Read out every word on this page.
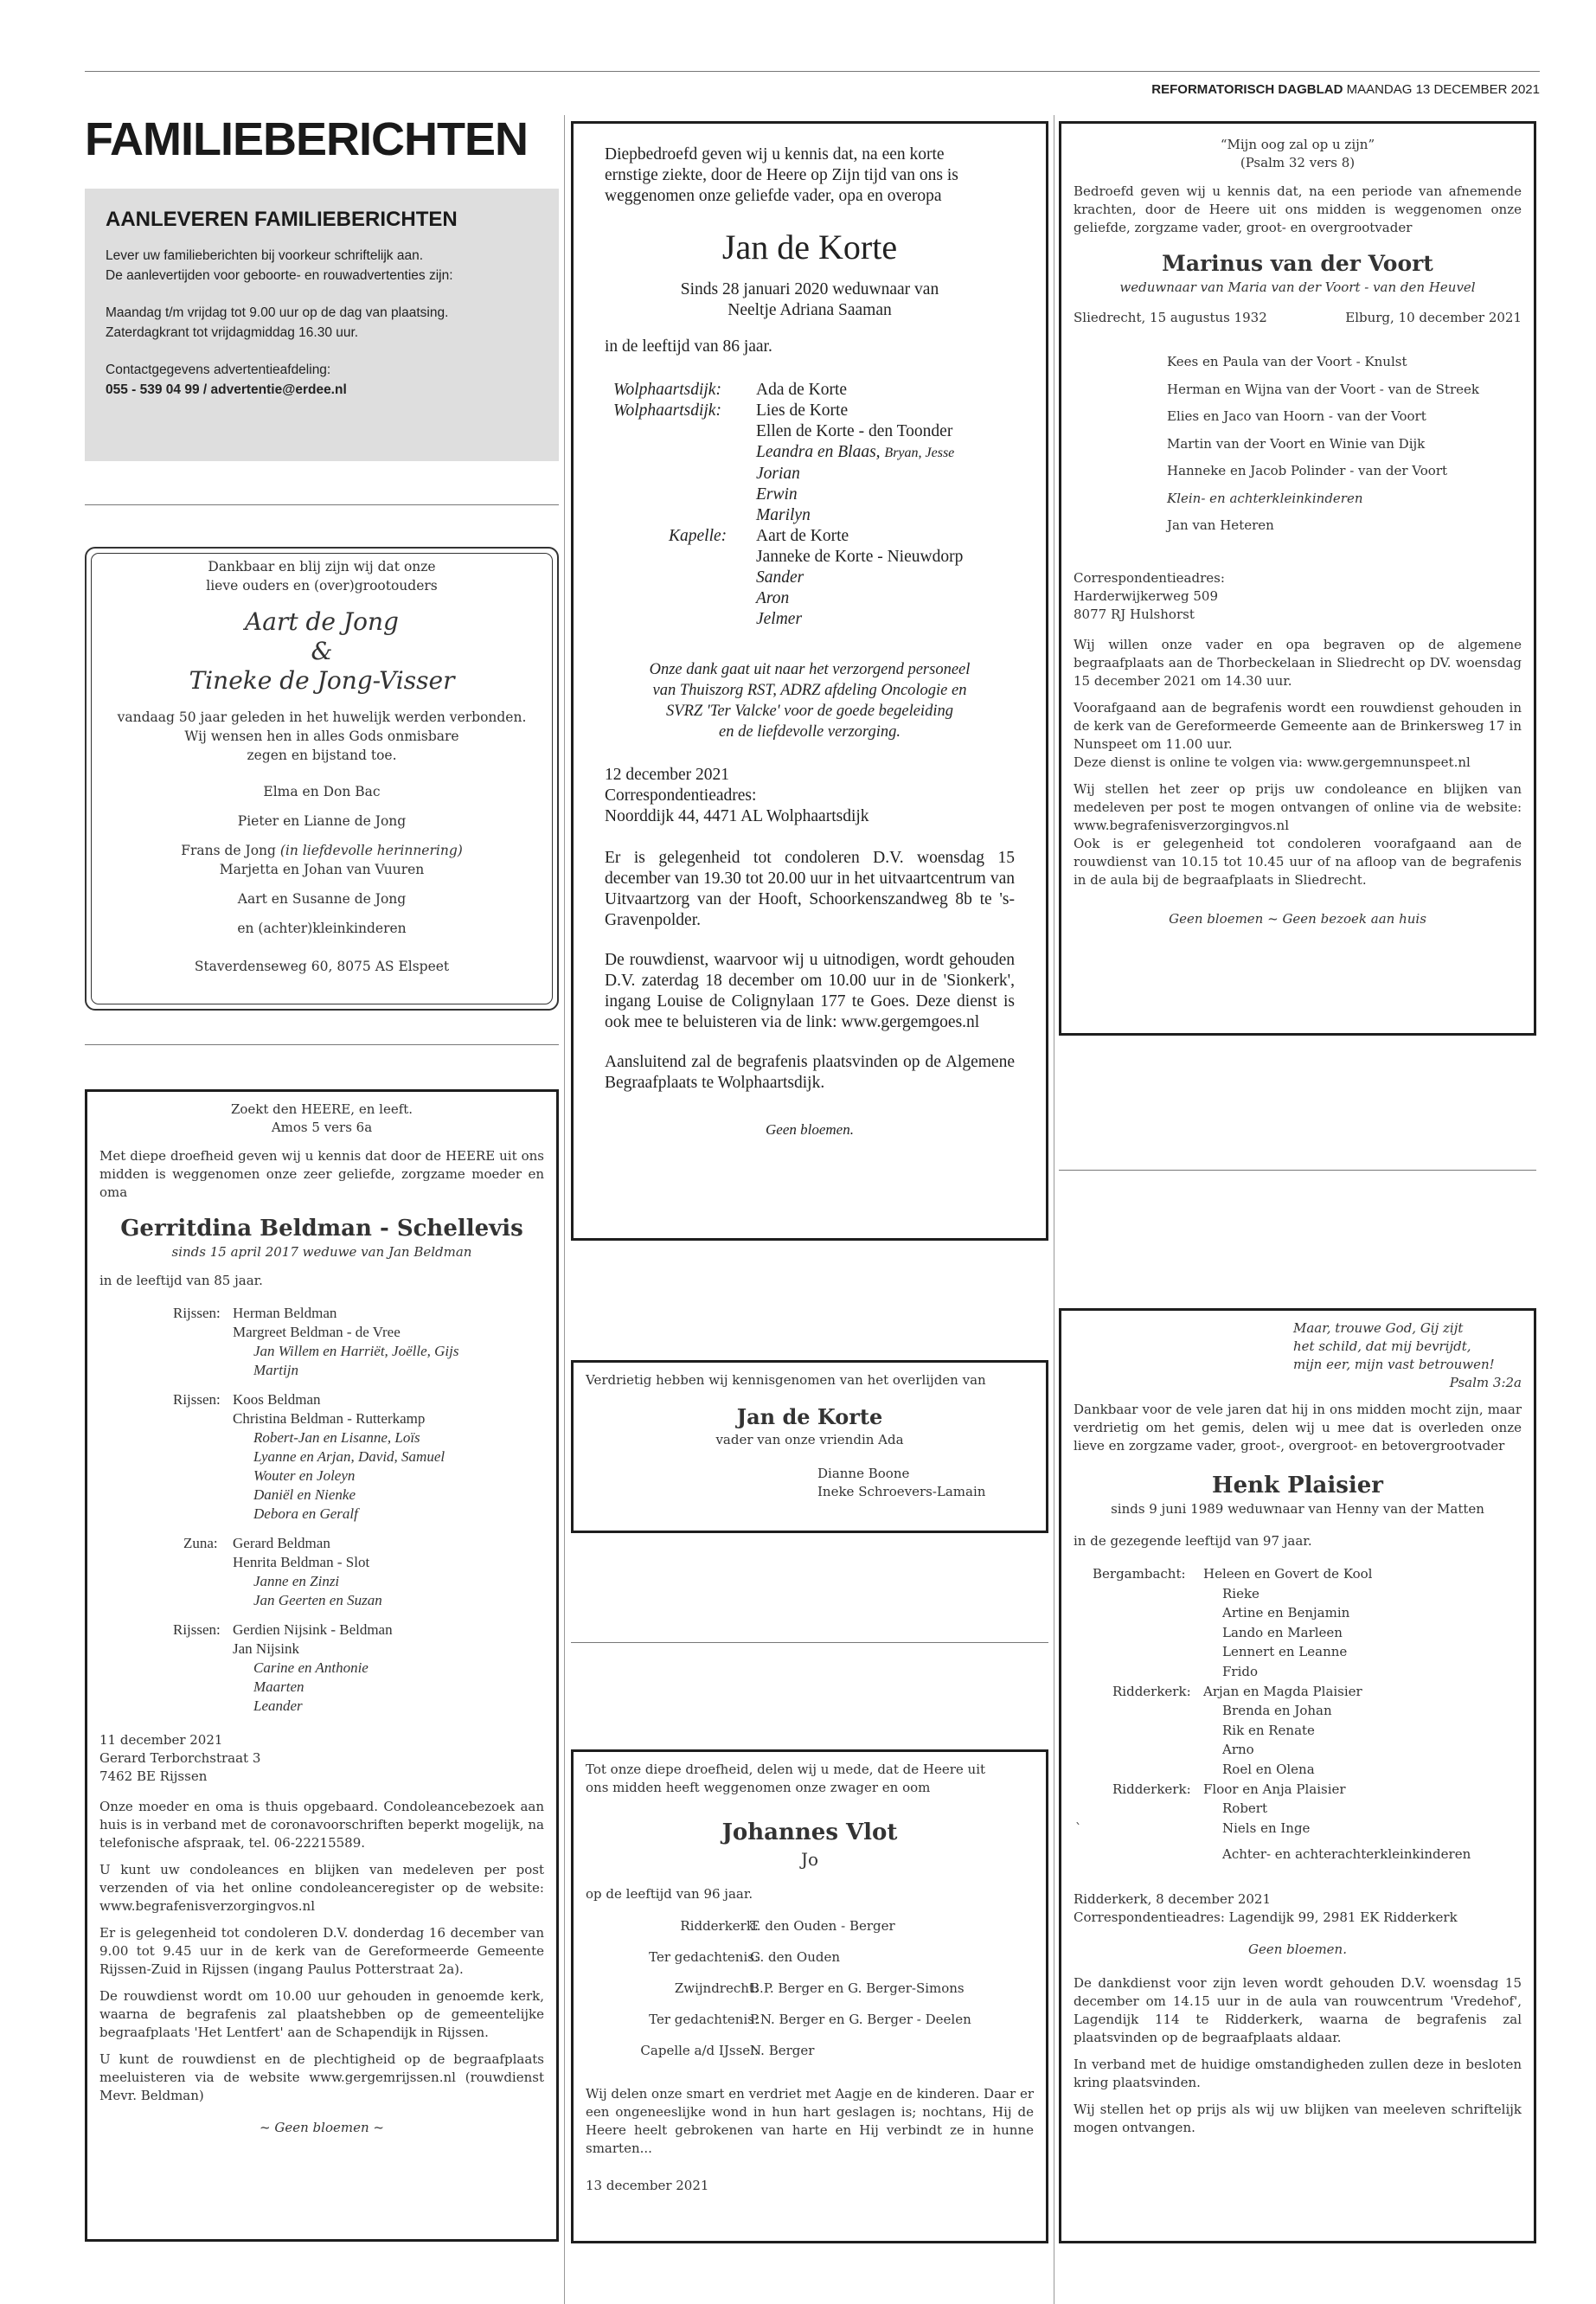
REFORMATORISCH DAGBLAD MAANDAG 13 DECEMBER 2021
FAMILIEBERICHTEN
AANLEVEREN FAMILIEBERICHTEN
Lever uw familieberichten bij voorkeur schriftelijk aan.
De aanlevertijden voor geboorte- en rouwadvertenties zijn:
Maandag t/m vrijdag tot 9.00 uur op de dag van plaatsing.
Zaterdagkrant tot vrijdagmiddag 16.30 uur.
Contactgegevens advertentieafdeling:
055 - 539 04 99 / advertentie@erdee.nl
Dankbaar en blij zijn wij dat onze
lieve ouders en (over)grootouders
Aart de Jong
&
Tineke de Jong-Visser
vandaag 50 jaar geleden in het huwelijk werden verbonden.
Wij wensen hen in alles Gods onmisbare
zegen en bijstand toe.
Elma en Don Bac
Pieter en Lianne de Jong
Frans de Jong (in liefdevolle herinnering)
Marjetta en Johan van Vuuren
Aart en Susanne de Jong
en (achter)kleinkinderen
Staverdenseweg 60, 8075 AS Elspeet
Zoekt den HEERE, en leeft.
Amos 5 vers 6a

Met diepe droefheid geven wij u kennis dat door de HEERE uit ons midden is weggenomen onze zeer geliefde, zorgzame moeder en oma

Gerritdina Beldman - Schellevis
sinds 15 april 2017 weduwe van Jan Beldman
in de leeftijd van 85 jaar.
Rijssen: Herman Beldman
Margreet Beldman - de Vree
Jan Willem en Harriët, Joëlle, Gijs
Martijn
Rijssen: Koos Beldman
Christina Beldman - Rutterkamp
Robert-Jan en Lisanne, Loïs
Lyanne en Arjan, David, Samuel
Wouter en Joleyn
Daniël en Nienke
Debora en Geralf
Zuna: Gerard Beldman
Henrita Beldman - Slot
Janne en Zinzi
Jan Geerten en Suzan
Rijssen: Gerdien Nijsink - Beldman
Jan Nijsink
Carine en Anthonie
Maarten
Leander
11 december 2021
Gerard Terborchstraat 3
7462 BE Rijssen

Onze moeder en oma is thuis opgebaard. Condoleancebezoek aan huis is in verband met de coronavoorschriften beperkt mogelijk, na telefonische afspraak, tel. 06-22215589.

U kunt uw condoleances en blijken van medeleven per post verzenden of via het online condoleanceregister op de website: www.begrafenisverzorgingvos.nl

Er is gelegenheid tot condoleren D.V. donderdag 16 december van 9.00 tot 9.45 uur in de kerk van de Gereformeerde Gemeente Rijssen-Zuid in Rijssen (ingang Paulus Potterstraat 2a).

De rouwdienst wordt om 10.00 uur gehouden in genoemde kerk, waarna de begrafenis zal plaatshebben op de gemeentelijke begraafplaats 'Het Lentfert' aan de Schapendijk in Rijssen.

U kunt de rouwdienst en de plechtigheid op de begraafplaats meeluisteren via de website www.gergemrijssen.nl (rouwdienst Mevr. Beldman)

~ Geen bloemen ~
Diepbedroefd geven wij u kennis dat, na een korte
ernstige ziekte, door de Heere op Zijn tijd van ons is
weggenomen onze geliefde vader, opa en overopa
Jan de Korte
Sinds 28 januari 2020 weduwnaar van
Neeltje Adriana Saaman
in de leeftijd van 86 jaar.
Wolphaartsdijk: Ada de Korte
Wolphaartsdijk: Lies de Korte
Ellen de Korte - den Toonder
Leandra en Blaas, Bryan, Jesse
Jorian
Erwin
Marilyn
Kapelle: Aart de Korte
Janneke de Korte - Nieuwdorp
Sander
Aron
Jelmer
Onze dank gaat uit naar het verzorgend personeel
van Thuiszorg RST, ADRZ afdeling Oncologie en
SVRZ 'Ter Valcke' voor de goede begeleiding
en de liefdevolle verzorging.
12 december 2021
Correspondentieadres:
Noorddijk 44, 4471 AL Wolphaartsdijk

Er is gelegenheid tot condoleren D.V. woensdag 15 december van 19.30 tot 20.00 uur in het uitvaartcentrum van Uitvaartzorg van der Hooft, Schoorkenszandweg 8b te 's-Gravenpolder.

De rouwdienst, waarvoor wij u uitnodigen, wordt gehouden D.V. zaterdag 18 december om 10.00 uur in de 'Sionkerk', ingang Louise de Colignylaan 177 te Goes. Deze dienst is ook mee te beluisteren via de link: www.gergemgoes.nl

Aansluitend zal de begrafenis plaatsvinden op de Algemene Begraafplaats te Wolphaartsdijk.

Geen bloemen.
Verdrietig hebben wij kennisgenomen van het overlijden van
Jan de Korte
vader van onze vriendin Ada
Dianne Boone
Ineke Schroevers-Lamain
Tot onze diepe droefheid, delen wij u mede, dat de Heere uit
ons midden heeft weggenomen onze zwager en oom
Johannes Vlot
Jo
op de leeftijd van 96 jaar.
Ridderkerk:
T. den Ouden - Berger
Ter gedachtenis:
G. den Ouden
Zwijndrecht:
B.P. Berger en G. Berger-Simons
Ter gedachtenis:
P.N. Berger en G. Berger - Deelen
Capelle a/d IJssel:
N. Berger

Wij delen onze smart en verdriet met Aagje en de kinderen. Daar er een ongeneeslijke wond in hun hart geslagen is; nochtans, Hij de Heere heelt gebrokenen van harte en Hij verbindt ze in hunne smarten...

13 december 2021
“Mijn oog zal op u zijn”
(Psalm 32 vers 8)

Bedroefd geven wij u kennis dat, na een periode van afnemende krachten, door de Heere uit ons midden is weggenomen onze geliefde, zorgzame vader, groot- en overgrootvader

Marinus van der Voort
weduwnaar van Maria van der Voort - van den Heuvel
Sliedrecht, 15 augustus 1932	Elburg, 10 december 2021
Kees en Paula van der Voort - Knulst
Herman en Wijna van der Voort - van de Streek
Elies en Jaco van Hoorn - van der Voort
Martin van der Voort en Winie van Dijk
Hanneke en Jacob Polinder - van der Voort
Klein- en achterkleinkinderen
Jan van Heteren
Correspondentieadres:
Harderwijkerweg 509
8077 RJ Hulshorst

Wij willen onze vader en opa begraven op de algemene begraafplaats aan de Thorbeckelaan in Sliedrecht op DV. woensdag 15 december 2021 om 14.30 uur.

Voorafgaand aan de begrafenis wordt een rouwdienst gehouden in de kerk van de Gereformeerde Gemeente aan de Brinkersweg 17 in Nunspeet om 11.00 uur.

Deze dienst is online te volgen via: www.gergemnunspeet.nl

Wij stellen het zeer op prijs uw condoleance en blijken van medeleven per post te mogen ontvangen of online via de website: www.begrafenisverzorgingvos.nl

Ook is er gelegenheid tot condoleren voorafgaand aan de rouwdienst van 10.15 tot 10.45 uur of na afloop van de begrafenis in de aula bij de begraafplaats in Sliedrecht.

Geen bloemen ~ Geen bezoek aan huis
Maar, trouwe God, Gij zijt
het schild, dat mij bevrijdt,
mijn eer, mijn vast betrouwen!
Psalm 3:2a

Dankbaar voor de vele jaren dat hij in ons midden mocht zijn, maar verdrietig om het gemis, delen wij u mee dat is overleden onze lieve en zorgzame vader, groot-, overgroot- en betovergrootvader

Henk Plaisier
sinds 9 juni 1989 weduwnaar van Henny van der Matten
in de gezegende leeftijd van 97 jaar.
Bergambacht: Heleen en Govert de Kool
Rieke
Artine en Benjamin
Lando en Marleen
Lennert en Leanne
Frido
Ridderkerk: Arjan en Magda Plaisier
Brenda en Johan
Rik en Renate
Arno
Roel en Olena
Ridderkerk: Floor en Anja Plaisier
Robert
`	Niels en Inge
Achter- en achterachterkleinkinderen
Ridderkerk, 8 december 2021
Correspondentieadres: Lagendijk 99, 2981 EK Ridderkerk
Geen bloemen.

De dankdienst voor zijn leven wordt gehouden D.V. woensdag 15 december om 14.15 uur in de aula van rouwcentrum 'Vredehof', Lagendijk 114 te Ridderkerk, waarna de begrafenis zal plaatsvinden op de begraafplaats aldaar.

In verband met de huidige omstandigheden zullen deze in besloten kring plaatsvinden.

Wij stellen het op prijs als wij uw blijken van meeleven schriftelijk mogen ontvangen.
